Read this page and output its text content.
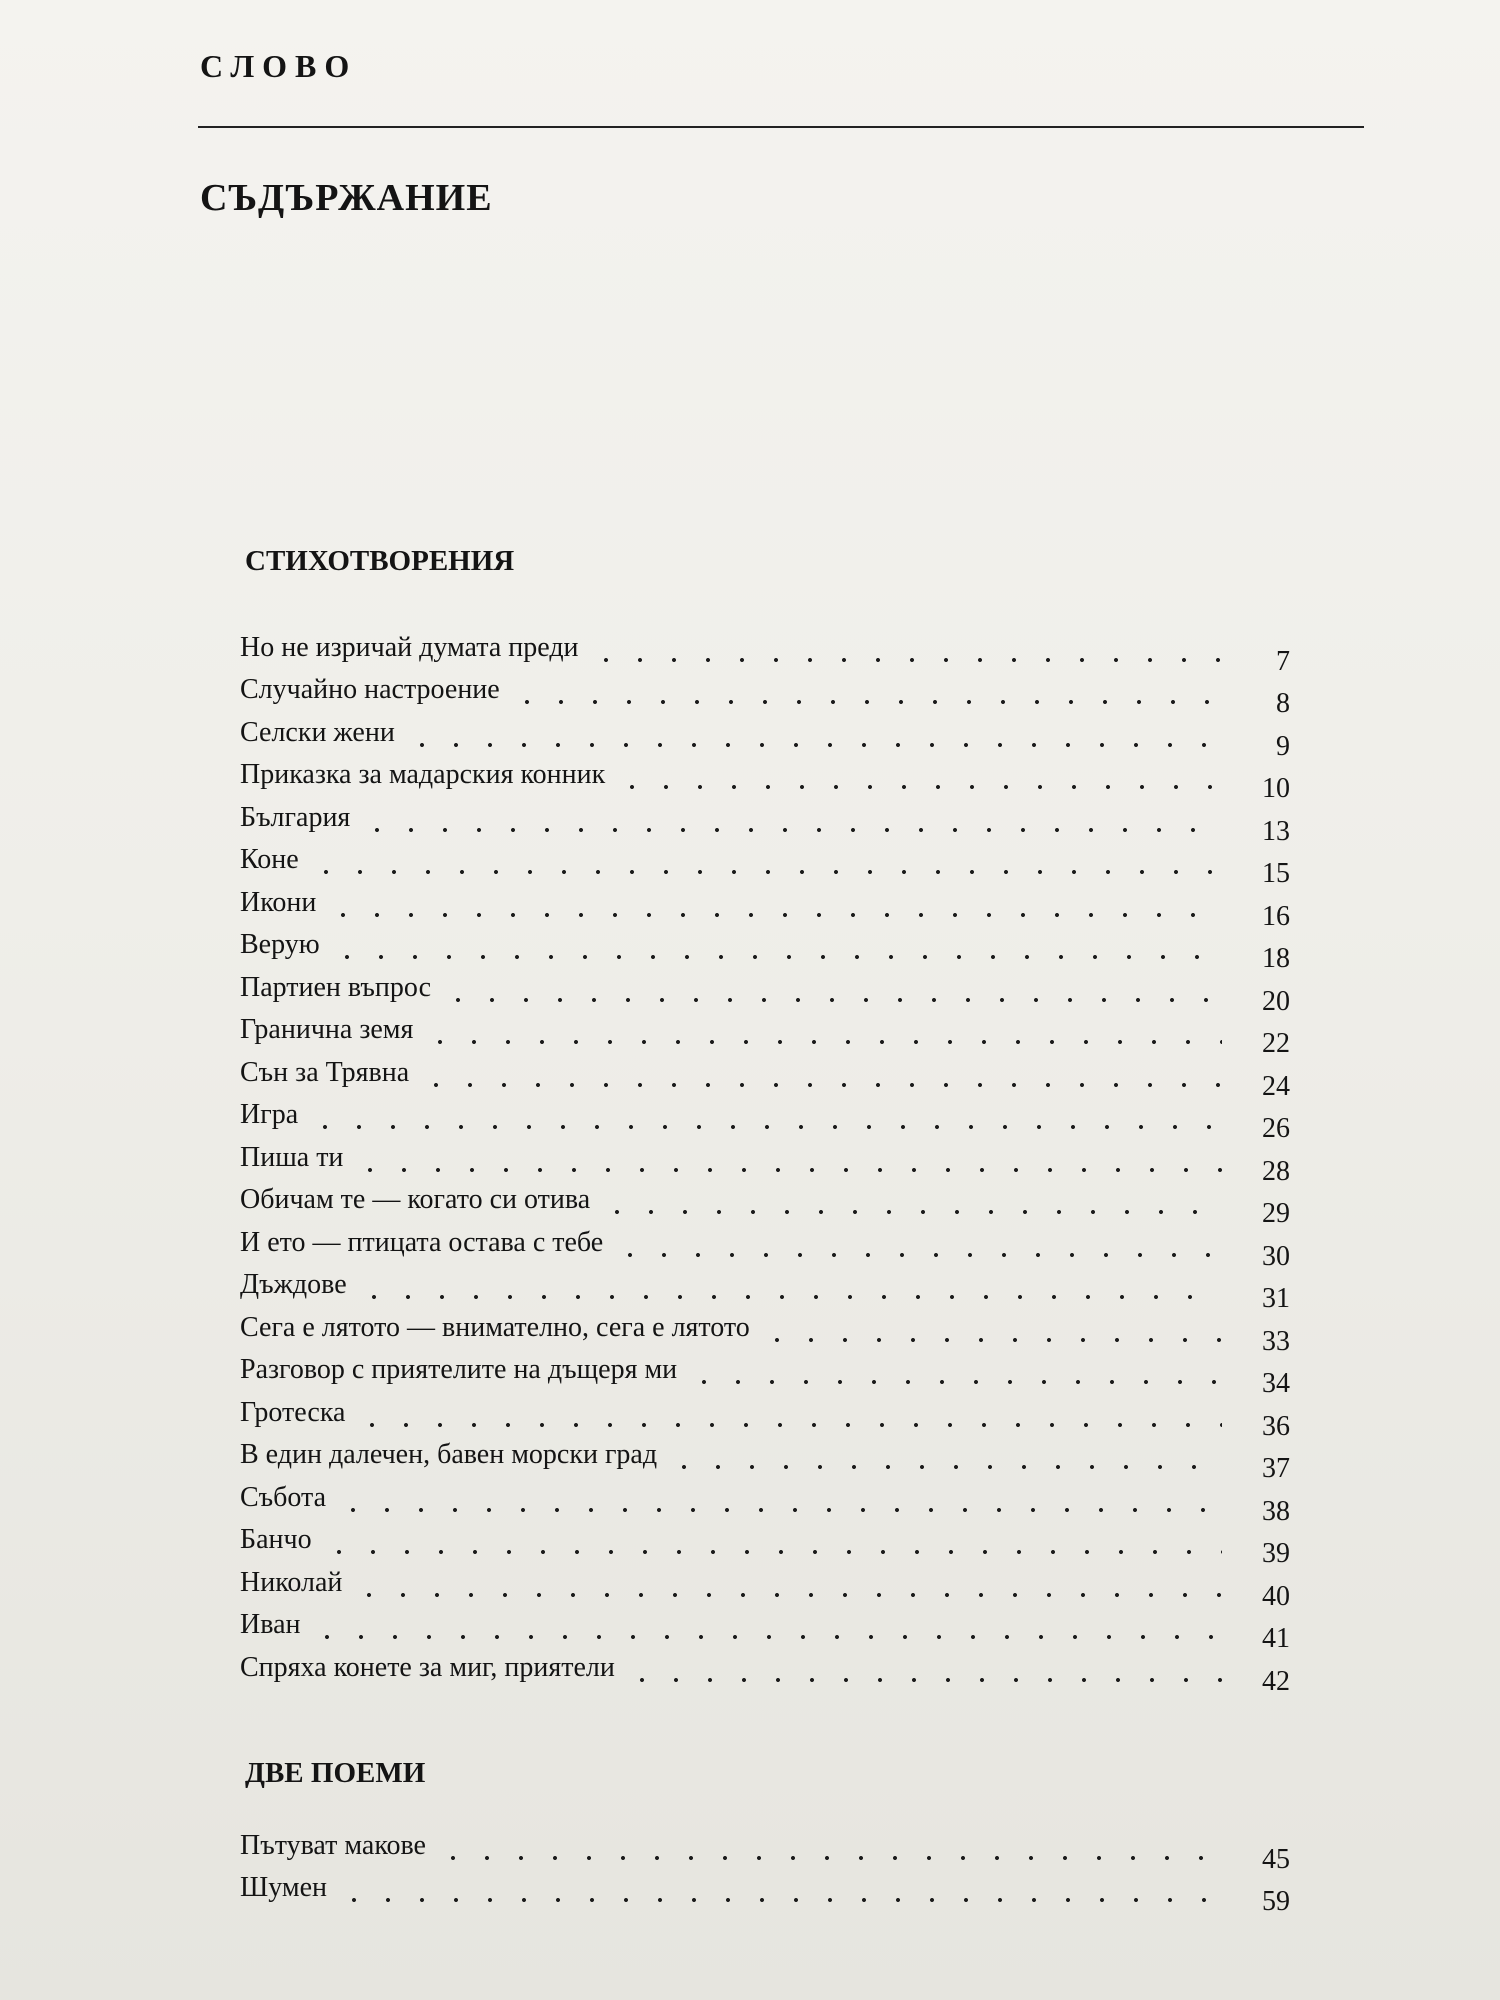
СЛОВО
СЪДЪРЖАНИЕ
СТИХОТВОРЕНИЯ
Но не изричай думата преди	7
Случайно настроение	8
Селски жени	9
Приказка за мадарския конник	10
България	13
Коне	15
Икони	16
Верую	18
Партиен въпрос	20
Гранична земя	22
Сън за Трявна	24
Игра	26
Пиша ти	28
Обичам те — когато си отива	29
И ето — птицата остава с тебе	30
Дъждове	31
Сега е лятото — внимателно, сега е лятото	33
Разговор с приятелите на дъщеря ми	34
Гротеска	36
В един далечен, бавен морски град	37
Събота	38
Банчо	39
Николай	40
Иван	41
Спряха конете за миг, приятели	42
ДВЕ ПОЕМИ
Пътуват макове	45
Шумен	59
